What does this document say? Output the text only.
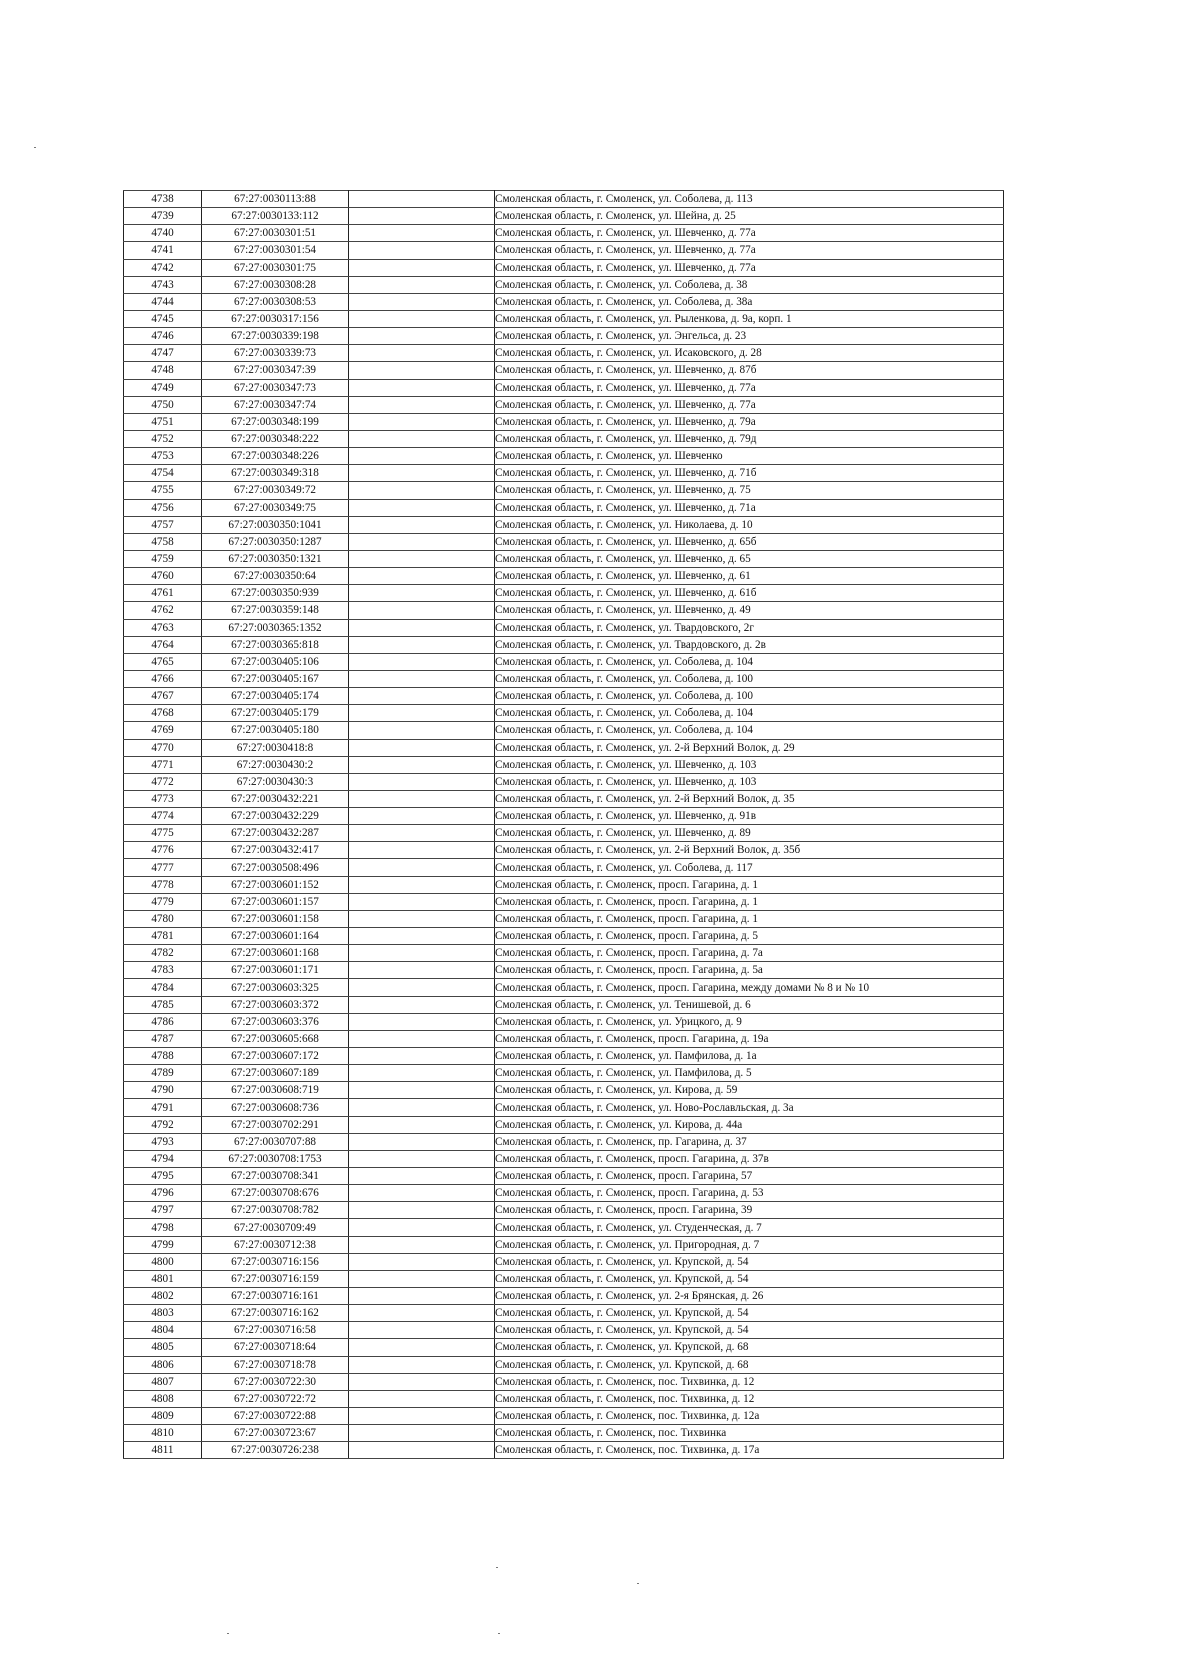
4738	67:27:0030113:88		Смоленская область, г. Смоленск, ул. Соболева, д. 113
4739	67:27:0030133:112		Смоленская область, г. Смоленск, ул. Шейна, д. 25
4740	67:27:0030301:51		Смоленская область, г. Смоленск, ул. Шевченко, д. 77а
4741	67:27:0030301:54		Смоленская область, г. Смоленск, ул. Шевченко, д. 77а
4742	67:27:0030301:75		Смоленская область, г. Смоленск, ул. Шевченко, д. 77а
4743	67:27:0030308:28		Смоленская область, г. Смоленск, ул. Соболева, д. 38
4744	67:27:0030308:53		Смоленская область, г. Смоленск, ул. Соболева, д. 38а
4745	67:27:0030317:156		Смоленская область, г. Смоленск, ул. Рыленкова, д. 9а, корп. 1
4746	67:27:0030339:198		Смоленская область, г. Смоленск, ул. Энгельса, д. 23
4747	67:27:0030339:73		Смоленская область, г. Смоленск, ул. Исаковского, д. 28
4748	67:27:0030347:39		Смоленская область, г. Смоленск, ул. Шевченко, д. 87б
4749	67:27:0030347:73		Смоленская область, г. Смоленск, ул. Шевченко, д. 77а
4750	67:27:0030347:74		Смоленская область, г. Смоленск, ул. Шевченко, д. 77а
4751	67:27:0030348:199		Смоленская область, г. Смоленск, ул. Шевченко, д. 79а
4752	67:27:0030348:222		Смоленская область, г. Смоленск, ул. Шевченко, д. 79д
4753	67:27:0030348:226		Смоленская область, г. Смоленск, ул. Шевченко
4754	67:27:0030349:318		Смоленская область, г. Смоленск, ул. Шевченко, д. 71б
4755	67:27:0030349:72		Смоленская область, г. Смоленск, ул. Шевченко, д. 75
4756	67:27:0030349:75		Смоленская область, г. Смоленск, ул. Шевченко, д. 71а
4757	67:27:0030350:1041		Смоленская область, г. Смоленск, ул. Николаева, д. 10
4758	67:27:0030350:1287		Смоленская область, г. Смоленск, ул. Шевченко, д. 65б
4759	67:27:0030350:1321		Смоленская область, г. Смоленск, ул. Шевченко, д. 65
4760	67:27:0030350:64		Смоленская область, г. Смоленск, ул. Шевченко, д. 61
4761	67:27:0030350:939		Смоленская область, г. Смоленск, ул. Шевченко, д. 61б
4762	67:27:0030359:148		Смоленская область, г. Смоленск, ул. Шевченко, д. 49
4763	67:27:0030365:1352		Смоленская область, г. Смоленск, ул. Твардовского, 2г
4764	67:27:0030365:818		Смоленская область, г. Смоленск, ул. Твардовского, д. 2в
4765	67:27:0030405:106		Смоленская область, г. Смоленск, ул. Соболева, д. 104
4766	67:27:0030405:167		Смоленская область, г. Смоленск, ул. Соболева, д. 100
4767	67:27:0030405:174		Смоленская область, г. Смоленск, ул. Соболева, д. 100
4768	67:27:0030405:179		Смоленская область, г. Смоленск, ул. Соболева, д. 104
4769	67:27:0030405:180		Смоленская область, г. Смоленск, ул. Соболева, д. 104
4770	67:27:0030418:8		Смоленская область, г. Смоленск, ул. 2-й Верхний Волок, д. 29
4771	67:27:0030430:2		Смоленская область, г. Смоленск, ул. Шевченко, д. 103
4772	67:27:0030430:3		Смоленская область, г. Смоленск, ул. Шевченко, д. 103
4773	67:27:0030432:221		Смоленская область, г. Смоленск, ул. 2-й Верхний Волок, д. 35
4774	67:27:0030432:229		Смоленская область, г. Смоленск, ул. Шевченко, д. 91в
4775	67:27:0030432:287		Смоленская область, г. Смоленск, ул. Шевченко, д. 89
4776	67:27:0030432:417		Смоленская область, г. Смоленск, ул. 2-й Верхний Волок, д. 35б
4777	67:27:0030508:496		Смоленская область, г. Смоленск, ул. Соболева, д. 117
4778	67:27:0030601:152		Смоленская область, г. Смоленск, просп. Гагарина, д. 1
4779	67:27:0030601:157		Смоленская область, г. Смоленск, просп. Гагарина, д. 1
4780	67:27:0030601:158		Смоленская область, г. Смоленск, просп. Гагарина, д. 1
4781	67:27:0030601:164		Смоленская область, г. Смоленск, просп. Гагарина, д. 5
4782	67:27:0030601:168		Смоленская область, г. Смоленск, просп. Гагарина, д. 7а
4783	67:27:0030601:171		Смоленская область, г. Смоленск, просп. Гагарина, д. 5а
4784	67:27:0030603:325		Смоленская область, г. Смоленск, просп. Гагарина, между домами № 8 и № 10
4785	67:27:0030603:372		Смоленская область, г. Смоленск, ул. Тенишевой, д. 6
4786	67:27:0030603:376		Смоленская область, г. Смоленск, ул. Урицкого, д. 9
4787	67:27:0030605:668		Смоленская область, г. Смоленск, просп. Гагарина, д. 19а
4788	67:27:0030607:172		Смоленская область, г. Смоленск, ул. Памфилова, д. 1а
4789	67:27:0030607:189		Смоленская область, г. Смоленск, ул. Памфилова, д. 5
4790	67:27:0030608:719		Смоленская область, г. Смоленск, ул. Кирова, д. 59
4791	67:27:0030608:736		Смоленская область, г. Смоленск, ул. Ново-Рославльская, д. 3а
4792	67:27:0030702:291		Смоленская область, г. Смоленск, ул. Кирова, д. 44а
4793	67:27:0030707:88		Смоленская область, г. Смоленск, пр. Гагарина, д. 37
4794	67:27:0030708:1753		Смоленская область, г. Смоленск, просп. Гагарина, д. 37в
4795	67:27:0030708:341		Смоленская область, г. Смоленск, просп. Гагарина, 57
4796	67:27:0030708:676		Смоленская область, г. Смоленск, просп. Гагарина, д. 53
4797	67:27:0030708:782		Смоленская область, г. Смоленск, просп. Гагарина, 39
4798	67:27:0030709:49		Смоленская область, г. Смоленск, ул. Студенческая, д. 7
4799	67:27:0030712:38		Смоленская область, г. Смоленск, ул. Пригородная, д. 7
4800	67:27:0030716:156		Смоленская область, г. Смоленск, ул. Крупской, д. 54
4801	67:27:0030716:159		Смоленская область, г. Смоленск, ул. Крупской, д. 54
4802	67:27:0030716:161		Смоленская область, г. Смоленск, ул. 2-я Брянская, д. 26
4803	67:27:0030716:162		Смоленская область, г. Смоленск, ул. Крупской, д. 54
4804	67:27:0030716:58		Смоленская область, г. Смоленск, ул. Крупской, д. 54
4805	67:27:0030718:64		Смоленская область, г. Смоленск, ул. Крупской, д. 68
4806	67:27:0030718:78		Смоленская область, г. Смоленск, ул. Крупской, д. 68
4807	67:27:0030722:30		Смоленская область, г. Смоленск, пос. Тихвинка, д. 12
4808	67:27:0030722:72		Смоленская область, г. Смоленск, пос. Тихвинка, д. 12
4809	67:27:0030722:88		Смоленская область, г. Смоленск, пос. Тихвинка, д. 12а
4810	67:27:0030723:67		Смоленская область, г. Смоленск, пос. Тихвинка
4811	67:27:0030726:238		Смоленская область, г. Смоленск, пос. Тихвинка, д. 17а
